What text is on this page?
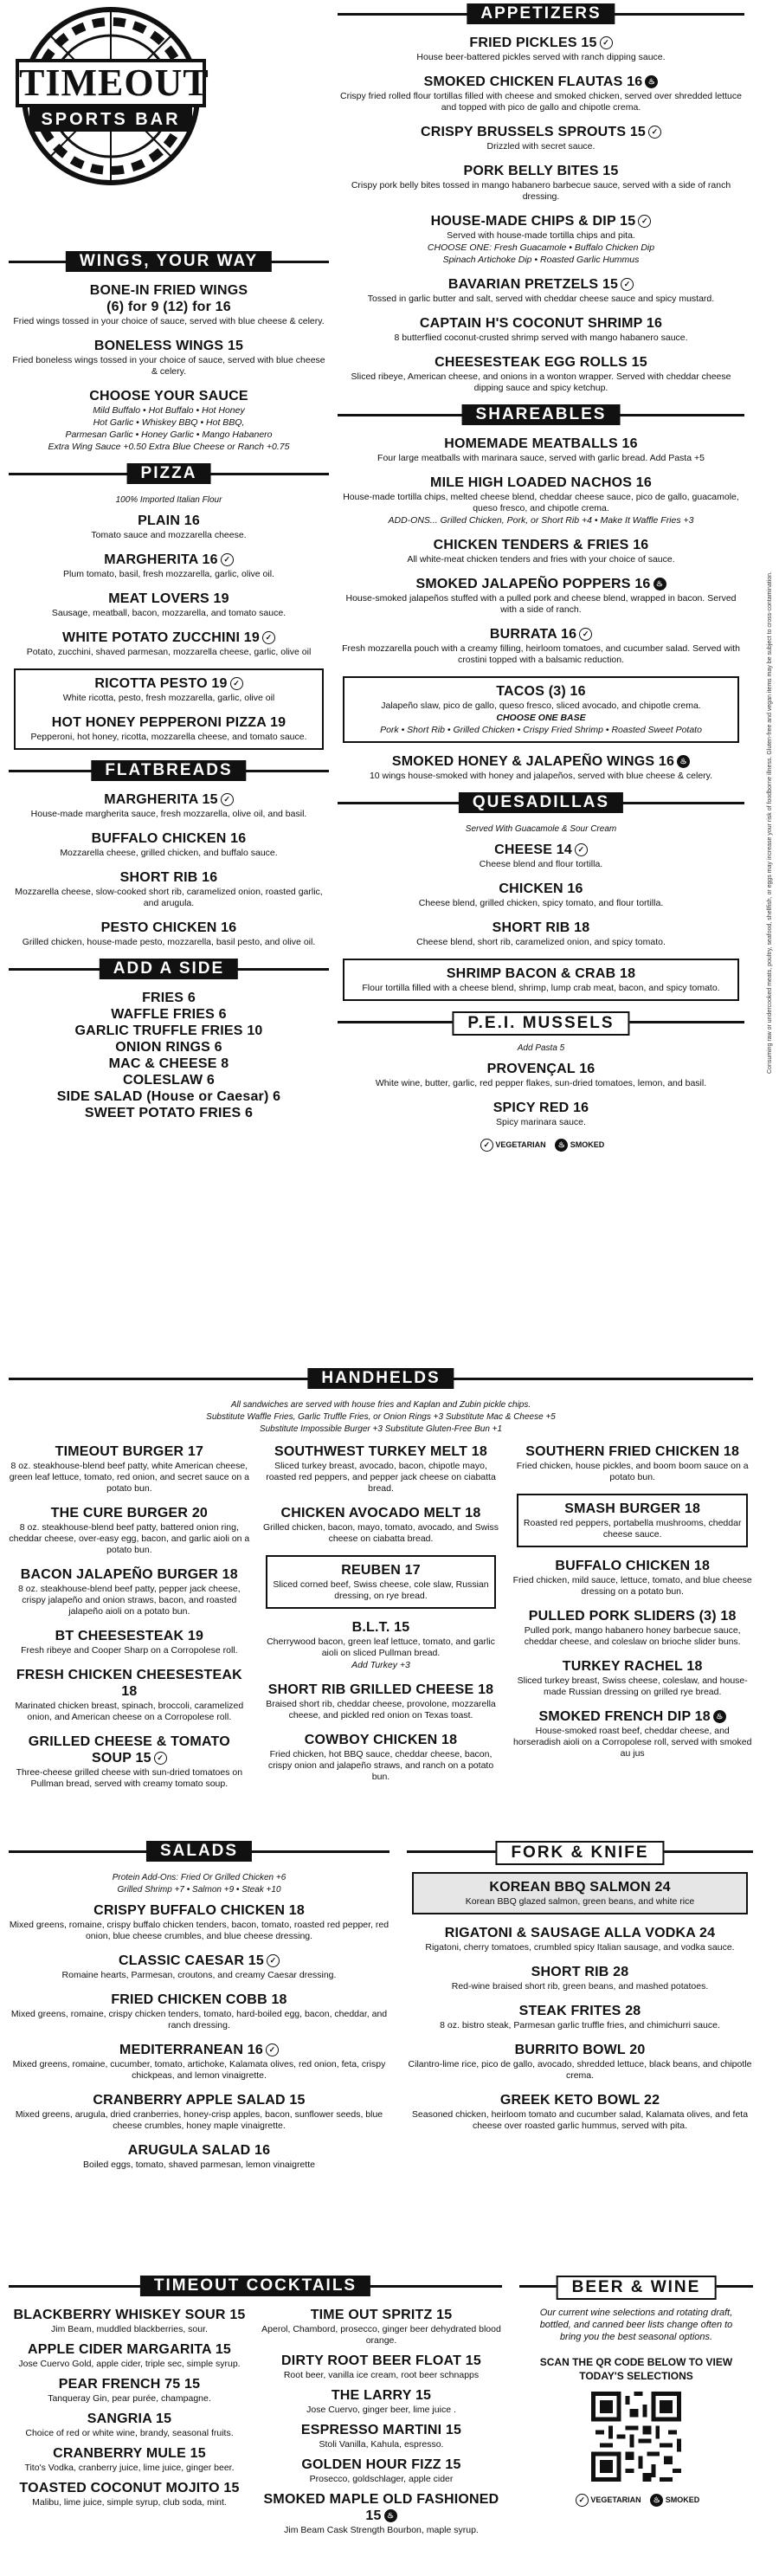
TIMEOUT
SPORTS BAR
WINGS, YOUR WAY
BONE-IN FRIED WINGS
(6) for 9 (12) for 16
Fried wings tossed in your choice of sauce, served with blue cheese & celery.
BONELESS WINGS 15
Fried boneless wings tossed in your choice of sauce, served with blue cheese & celery.
CHOOSE YOUR SAUCE
Mild Buffalo • Hot Buffalo • Hot Honey
Hot Garlic • Whiskey BBQ • Hot BBQ,
Parmesan Garlic • Honey Garlic • Mango Habanero
Extra Wing Sauce +0.50 Extra Blue Cheese or Ranch +0.75
PIZZA
100% Imported Italian Flour
PLAIN 16
Tomato sauce and mozzarella cheese.
MARGHERITA 16 ✓
Plum tomato, basil, fresh mozzarella, garlic, olive oil.
MEAT LOVERS 19
Sausage, meatball, bacon, mozzarella, and tomato sauce.
WHITE POTATO ZUCCHINI 19 ✓
Potato, zucchini, shaved parmesan, mozzarella cheese, garlic, olive oil
RICOTTA PESTO 19 ✓
White ricotta, pesto, fresh mozzarella, garlic, olive oil
HOT HONEY PEPPERONI PIZZA 19
Pepperoni, hot honey, ricotta, mozzarella cheese, and tomato sauce.
FLATBREADS
MARGHERITA 15 ✓
House-made margherita sauce, fresh mozzarella, olive oil, and basil.
BUFFALO CHICKEN 16
Mozzarella cheese, grilled chicken, and buffalo sauce.
SHORT RIB 16
Mozzarella cheese, slow-cooked short rib, caramelized onion, roasted garlic, and arugula.
PESTO CHICKEN 16
Grilled chicken, house-made pesto, mozzarella, basil pesto, and olive oil.
ADD A SIDE
FRIES 6
WAFFLE FRIES 6
GARLIC TRUFFLE FRIES 10
ONION RINGS 6
MAC & CHEESE 8
COLESLAW 6
SIDE SALAD (House or Caesar) 6
SWEET POTATO FRIES 6
APPETIZERS
FRIED PICKLES 15 ✓
House beer-battered pickles served with ranch dipping sauce.
SMOKED CHICKEN FLAUTAS 16 ♨
Crispy fried rolled flour tortillas filled with cheese and smoked chicken, served over shredded lettuce and topped with pico de gallo and chipotle crema.
CRISPY BRUSSELS SPROUTS 15 ✓
Drizzled with secret sauce.
PORK BELLY BITES 15
Crispy pork belly bites tossed in mango habanero barbecue sauce, served with a side of ranch dressing.
HOUSE-MADE CHIPS & DIP 15 ✓
Served with house-made tortilla chips and pita.
CHOOSE ONE: Fresh Guacamole • Buffalo Chicken Dip
Spinach Artichoke Dip • Roasted Garlic Hummus
BAVARIAN PRETZELS 15 ✓
Tossed in garlic butter and salt, served with cheddar cheese sauce and spicy mustard.
CAPTAIN H'S COCONUT SHRIMP 16
8 butterflied coconut-crusted shrimp served with mango habanero sauce.
CHEESESTEAK EGG ROLLS 15
Sliced ribeye, American cheese, and onions in a wonton wrapper. Served with cheddar cheese dipping sauce and spicy ketchup.
SHAREABLES
HOMEMADE MEATBALLS 16
Four large meatballs with marinara sauce, served with garlic bread. Add Pasta +5
MILE HIGH LOADED NACHOS 16
House-made tortilla chips, melted cheese blend, cheddar cheese sauce, pico de gallo, guacamole, queso fresco, and chipotle crema.
ADD-ONS... Grilled Chicken, Pork, or Short Rib +4 • Make It Waffle Fries +3
CHICKEN TENDERS & FRIES 16
All white-meat chicken tenders and fries with your choice of sauce.
SMOKED JALAPEÑO POPPERS 16 ♨
House-smoked jalapeños stuffed with a pulled pork and cheese blend, wrapped in bacon. Served with a side of ranch.
BURRATA 16 ✓
Fresh mozzarella pouch with a creamy filling, heirloom tomatoes, and cucumber salad. Served with crostini topped with a balsamic reduction.
TACOS (3) 16
Jalapeño slaw, pico de gallo, queso fresco, sliced avocado, and chipotle crema.
CHOOSE ONE BASE
Pork • Short Rib • Grilled Chicken • Crispy Fried Shrimp • Roasted Sweet Potato
SMOKED HONEY & JALAPEÑO WINGS 16 ♨
10 wings house-smoked with honey and jalapeños, served with blue cheese & celery.
QUESADILLAS
Served With Guacamole & Sour Cream
CHEESE 14 ✓
Cheese blend and flour tortilla.
CHICKEN 16
Cheese blend, grilled chicken, spicy tomato, and flour tortilla.
SHORT RIB 18
Cheese blend, short rib, caramelized onion, and spicy tomato.
SHRIMP BACON & CRAB 18
Flour tortilla filled with a cheese blend, shrimp, lump crab meat, bacon, and spicy tomato.
P.E.I. MUSSELS
Add Pasta 5
PROVENÇAL 16
White wine, butter, garlic, red pepper flakes, sun-dried tomatoes, lemon, and basil.
SPICY RED 16
Spicy marinara sauce.
✓ VEGETARIAN ♨ SMOKED
Consuming raw or undercooked meats, poultry, seafood, shellfish, or eggs may increase your risk of foodborne illness. Gluten-free and vegan items may be subject to cross-contamination.
HANDHELDS
All sandwiches are served with house fries and Kaplan and Zubin pickle chips.
Substitute Waffle Fries, Garlic Truffle Fries, or Onion Rings +3 Substitute Mac & Cheese +5
Substitute Impossible Burger +3 Substitute Gluten-Free Bun +1
TIMEOUT BURGER 17
8 oz. steakhouse-blend beef patty, white American cheese, green leaf lettuce, tomato, red onion, and secret sauce on a potato bun.
THE CURE BURGER 20
8 oz. steakhouse-blend beef patty, battered onion ring, cheddar cheese, over-easy egg, bacon, and garlic aioli on a potato bun.
BACON JALAPEÑO BURGER 18
8 oz. steakhouse-blend beef patty, pepper jack cheese, crispy jalapeño and onion straws, bacon, and roasted jalapeño aioli on a potato bun.
BT CHEESESTEAK 19
Fresh ribeye and Cooper Sharp on a Corropolese roll.
FRESH CHICKEN CHEESESTEAK 18
Marinated chicken breast, spinach, broccoli, caramelized onion, and American cheese on a Corropolese roll.
GRILLED CHEESE & TOMATO SOUP 15 ✓
Three-cheese grilled cheese with sun-dried tomatoes on Pullman bread, served with creamy tomato soup.
SOUTHWEST TURKEY MELT 18
Sliced turkey breast, avocado, bacon, chipotle mayo, roasted red peppers, and pepper jack cheese on ciabatta bread.
CHICKEN AVOCADO MELT 18
Grilled chicken, bacon, mayo, tomato, avocado, and Swiss cheese on ciabatta bread.
REUBEN 17
Sliced corned beef, Swiss cheese, cole slaw, Russian dressing, on rye bread.
B.L.T. 15
Cherrywood bacon, green leaf lettuce, tomato, and garlic aioli on sliced Pullman bread.
Add Turkey +3
SHORT RIB GRILLED CHEESE 18
Braised short rib, cheddar cheese, provolone, mozzarella cheese, and pickled red onion on Texas toast.
COWBOY CHICKEN 18
Fried chicken, hot BBQ sauce, cheddar cheese, bacon, crispy onion and jalapeño straws, and ranch on a potato bun.
SOUTHERN FRIED CHICKEN 18
Fried chicken, house pickles, and boom boom sauce on a potato bun.
SMASH BURGER 18
Roasted red peppers, portabella mushrooms, cheddar cheese sauce.
BUFFALO CHICKEN 18
Fried chicken, mild sauce, lettuce, tomato, and blue cheese dressing on a potato bun.
PULLED PORK SLIDERS (3) 18
Pulled pork, mango habanero honey barbecue sauce, cheddar cheese, and coleslaw on brioche slider buns.
TURKEY RACHEL 18
Sliced turkey breast, Swiss cheese, coleslaw, and house-made Russian dressing on grilled rye bread.
SMOKED FRENCH DIP 18 ♨
House-smoked roast beef, cheddar cheese, and horseradish aioli on a Corropolese roll, served with smoked au jus
SALADS
Protein Add-Ons: Fried Or Grilled Chicken +6
Grilled Shrimp +7 • Salmon +9 • Steak +10
CRISPY BUFFALO CHICKEN 18
Mixed greens, romaine, crispy buffalo chicken tenders, bacon, tomato, roasted red pepper, red onion, blue cheese crumbles, and blue cheese dressing.
CLASSIC CAESAR 15 ✓
Romaine hearts, Parmesan, croutons, and creamy Caesar dressing.
FRIED CHICKEN COBB 18
Mixed greens, romaine, crispy chicken tenders, tomato, hard-boiled egg, bacon, cheddar, and ranch dressing.
MEDITERRANEAN 16 ✓
Mixed greens, romaine, cucumber, tomato, artichoke, Kalamata olives, red onion, feta, crispy chickpeas, and lemon vinaigrette.
CRANBERRY APPLE SALAD 15
Mixed greens, arugula, dried cranberries, honey-crisp apples, bacon, sunflower seeds, blue cheese crumbles, honey maple vinaigrette.
ARUGULA SALAD 16
Boiled eggs, tomato, shaved parmesan, lemon vinaigrette
FORK & KNIFE
KOREAN BBQ SALMON 24
Korean BBQ glazed salmon, green beans, and white rice
RIGATONI & SAUSAGE ALLA VODKA 24
Rigatoni, cherry tomatoes, crumbled spicy Italian sausage, and vodka sauce.
SHORT RIB 28
Red-wine braised short rib, green beans, and mashed potatoes.
STEAK FRITES 28
8 oz. bistro steak, Parmesan garlic truffle fries, and chimichurri sauce.
BURRITO BOWL 20
Cilantro-lime rice, pico de gallo, avocado, shredded lettuce, black beans, and chipotle crema.
GREEK KETO BOWL 22
Seasoned chicken, heirloom tomato and cucumber salad, Kalamata olives, and feta cheese over roasted garlic hummus, served with pita.
TIMEOUT COCKTAILS
BLACKBERRY WHISKEY SOUR 15
Jim Beam, muddled blackberries, sour.
APPLE CIDER MARGARITA 15
Jose Cuervo Gold, apple cider, triple sec, simple syrup.
PEAR FRENCH 75 15
Tanqueray Gin, pear purée, champagne.
SANGRIA 15
Choice of red or white wine, brandy, seasonal fruits.
CRANBERRY MULE 15
Tito's Vodka, cranberry juice, lime juice, ginger beer.
TOASTED COCONUT MOJITO 15
Malibu, lime juice, simple syrup, club soda, mint.
TIME OUT SPRITZ 15
Aperol, Chambord, prosecco, ginger beer dehydrated blood orange.
DIRTY ROOT BEER FLOAT 15
Root beer, vanilla ice cream, root beer schnapps
THE LARRY 15
Jose Cuervo, ginger beer, lime juice .
ESPRESSO MARTINI 15
Stoli Vanilla, Kahula, espresso.
GOLDEN HOUR FIZZ 15
Prosecco, goldschlager, apple cider
SMOKED MAPLE OLD FASHIONED 15 ♨
Jim Beam Cask Strength Bourbon, maple syrup.
BEER & WINE
Our current wine selections and rotating draft, bottled, and canned beer lists change often to bring you the best seasonal options.
SCAN THE QR CODE BELOW TO VIEW TODAY'S SELECTIONS
✓ VEGETARIAN ♨ SMOKED
